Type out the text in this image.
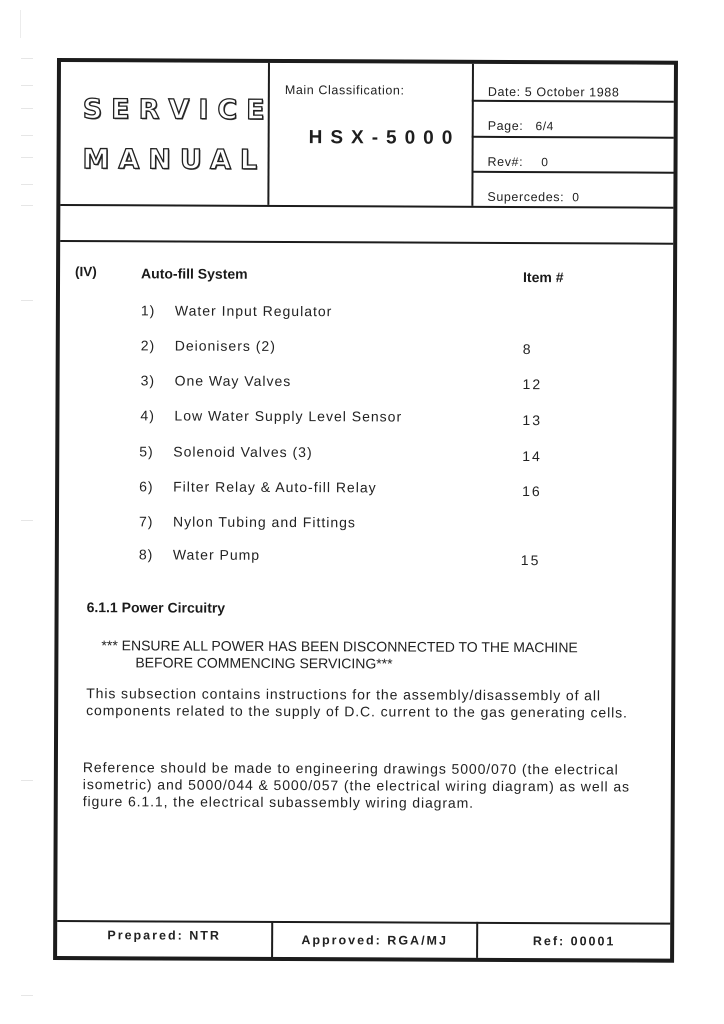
SERVICE
MANUAL
Main Classification:
HSX-5000
Date: 5 October 1988
Page: 6/4
Rev#: 0
Supercedes: 0
(IV)	Auto-fill System	Item #
1) Water Input Regulator
2) Deionisers (2)	8
3) One Way Valves	12
4) Low Water Supply Level Sensor	13
5) Solenoid Valves (3)	14
6) Filter Relay & Auto-fill Relay	16
7) Nylon Tubing and Fittings
8) Water Pump	15
6.1.1 Power Circuitry
*** ENSURE ALL POWER HAS BEEN DISCONNECTED TO THE MACHINE
BEFORE COMMENCING SERVICING***
This subsection contains instructions for the assembly/disassembly of all components related to the supply of D.C. current to the gas generating cells.
Reference should be made to engineering drawings 5000/070 (the electrical isometric) and 5000/044 & 5000/057 (the electrical wiring diagram) as well as figure 6.1.1, the electrical subassembly wiring diagram.
Prepared: NTR	Approved: RGA/MJ	Ref: 00001
